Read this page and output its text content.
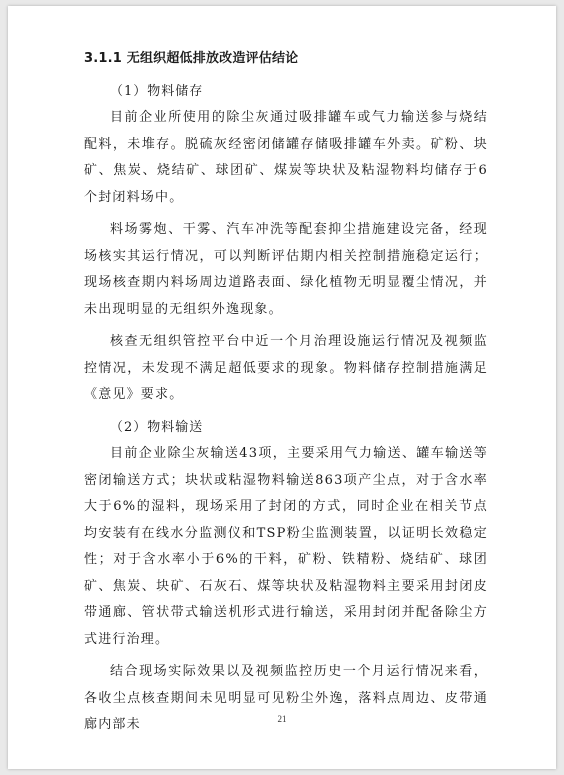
3.1.1 无组织超低排放改造评估结论

（1）物料储存

目前企业所使用的除尘灰通过吸排罐车或气力输送参与烧结配料，未堆存。脱硫灰经密闭储罐存储吸排罐车外卖。矿粉、块矿、焦炭、烧结矿、球团矿、煤炭等块状及粘湿物料均储存于6个封闭料场中。

料场雾炮、干雾、汽车冲洗等配套抑尘措施建设完备，经现场核实其运行情况，可以判断评估期内相关控制措施稳定运行；现场核查期内料场周边道路表面、绿化植物无明显覆尘情况，并未出现明显的无组织外逸现象。

核查无组织管控平台中近一个月治理设施运行情况及视频监控情况，未发现不满足超低要求的现象。物料储存控制措施满足《意见》要求。

（2）物料输送

目前企业除尘灰输送43项，主要采用气力输送、罐车输送等密闭输送方式；块状或粘湿物料输送863项产尘点，对于含水率大于6%的湿料，现场采用了封闭的方式，同时企业在相关节点均安装有在线水分监测仪和TSP粉尘监测装置，以证明长效稳定性；对于含水率小于6%的干料，矿粉、铁精粉、烧结矿、球团矿、焦炭、块矿、石灰石、煤等块状及粘湿物料主要采用封闭皮带通廊、管状带式输送机形式进行输送，采用封闭并配备除尘方式进行治理。

结合现场实际效果以及视频监控历史一个月运行情况来看，各收尘点核查期间未见明显可见粉尘外逸，落料点周边、皮带通廊内部未	21
